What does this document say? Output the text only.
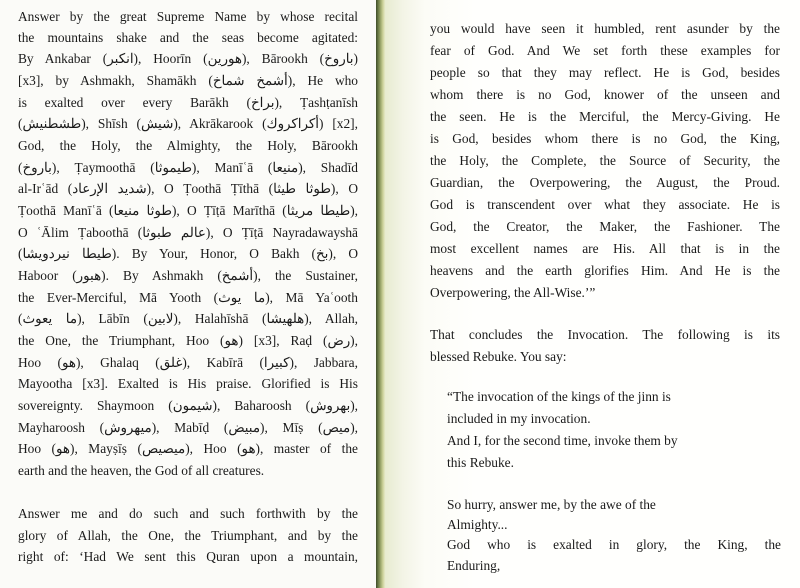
Answer by the great Supreme Name by whose recital
the mountains shake and the seas become agitated:
By Ankabar (انكبر), Hoorīn (هورين), Bārookh (باروخ)
[x3], by Ashmakh, Shamākh (أشمخ شماخ), He who
is exalted over every Barākh (براخ), Ṭashṭanīsh
(طشطنيش), Shīsh (شيش), Akrākarook (أكراكروك) [x2],
God, the Holy, the Almighty, the Holy, Bārookh
(باروخ), Ṭaymoothā (طيموثا), Manīʿā (منيعا), Shadīd
al-Irʿād (شديد الإرعاد), O Ṭoothā Ṭīthā (طوثا طيثا), O
Ṭoothā Manīʿā (طوثا منيعا), O Ṭīṭā Marīthā (طيطا مريثا),
O ʿĀlim Ṭaboothā (عالم طبوثا), O Ṭīṭā Nayradawayshā
(طيطا نيردويشا). By Your, Honor, O Bakh (بخ), O
Haboor (هبور). By Ashmakh (أشمخ), the Sustainer,
the Ever-Merciful, Mā Yooth (ما يوث), Mā Yaʿooth
(ما يعوث), Lābīn (لابين), Halahīshā (هلهيشا), Allah,
the One, the Triumphant, Hoo (هو) [x3], Raḍ (رض),
Hoo (هو), Ghalaq (غلق), Kabīrā (كبيرا), Jabbara,
Mayootha [x3]. Exalted is His praise. Glorified is His
sovereignty. Shaymoon (شيمون), Baharoosh (بهروش),
Mayharoosh (ميهروش), Mabīḍ (مبيض), Mīṣ (ميص),
Hoo (هو), Mayṣīṣ (ميصيص), Hoo (هو), master of the
earth and the heaven, the God of all creatures.
Answer me and do such and such forthwith by the
glory of Allah, the One, the Triumphant, and by the
right of: ‘Had We sent this Quran upon a mountain,
you would have seen it humbled, rent asunder by the
fear of God. And We set forth these examples for
people so that they may reflect. He is God, besides
whom there is no God, knower of the unseen and
the seen. He is the Merciful, the Mercy-Giving. He
is God, besides whom there is no God, the King,
the Holy, the Complete, the Source of Security, the
Guardian, the Overpowering, the August, the Proud.
God is transcendent over what they associate. He is
God, the Creator, the Maker, the Fashioner. The
most excellent names are His. All that is in the
heavens and the earth glorifies Him. And He is the
Overpowering, the All-Wise.’”
That concludes the Invocation. The following is its
blessed Rebuke. You say:
“The invocation of the kings of the jinn is
included in my invocation.
And I, for the second time, invoke them by
this Rebuke.
So hurry, answer me, by the awe of the
Almighty...
God who is exalted in glory, the King, the
Enduring,
